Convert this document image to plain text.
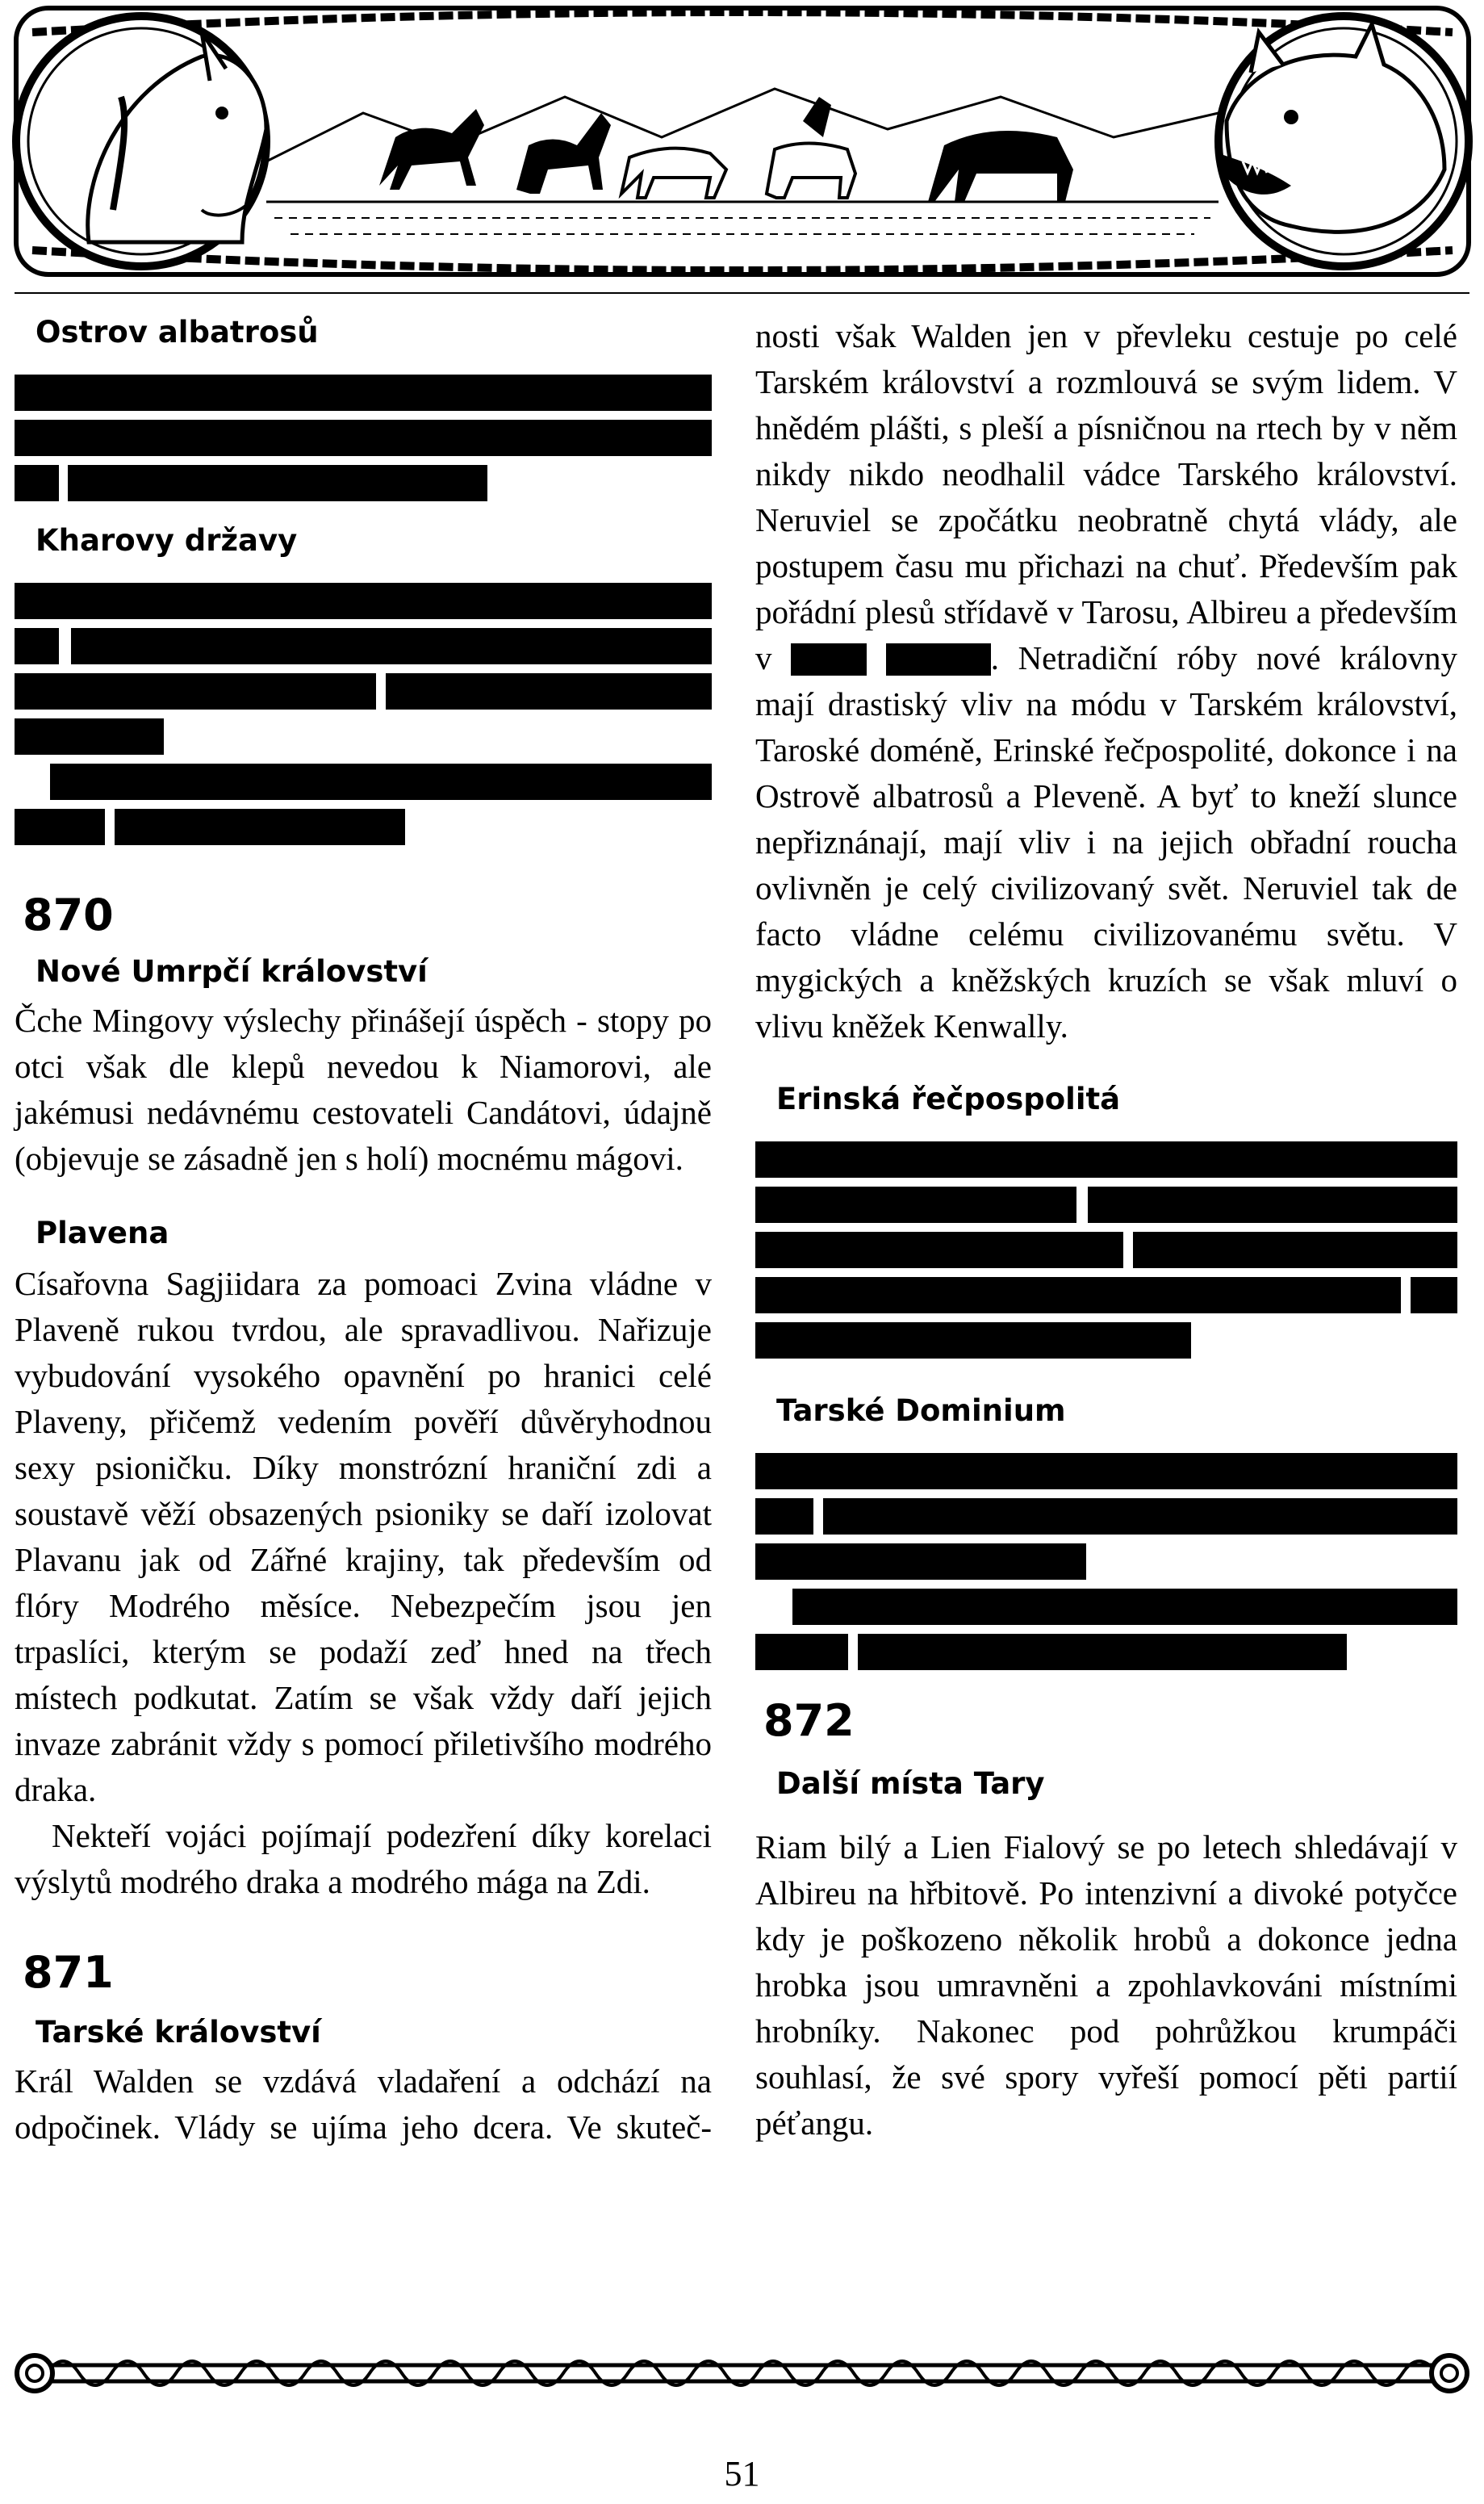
Ostrov albatrosů
Kharovy državy
870
Nové Umrpčí království

Čche Mingovy výslechy přinášejí úspěch - stopy po otci však dle klepů nevedou k Niamorovi, ale jakémusi nedávnému cestovateli Candátovi, údajně (objevuje se zásadně jen s holí) mocnému mágovi.

Plavena

Císařovna Sagjiidara za pomoaci Zvina vládne v Plaveně rukou tvrdou, ale spravadlivou. Nařizuje vybudování vysokého opavnění po hranici celé Plaveny, přičemž vedením pověří důvěryhodnou sexy psioničku. Díky monstrózní hraniční zdi a soustavě věží obsazených psioniky se daří izolovat Plavanu jak od Zářné krajiny, tak především od flóry Modrého měsíce. Nebezpečím jsou jen trpaslíci, kterým se podaží zeď hned na třech místech podkutat. Zatím se však vždy daří jejich invaze zabránit vždy s pomocí přiletivšího modrého draka.

Nekteří vojáci pojímají podezření díky korelaci výslytů modrého draka a modrého mága na Zdi.

871
Tarské království

Král Walden se vzdává vladaření a odchází na odpočinek. Vlády se ujíma jeho dcera. Ve skuteč-

nosti však Walden jen v převleku cestuje po celé Tarském království a rozmlouvá se svým lidem. V hnědém plášti, s pleší a písničnou na rtech by v něm nikdy nikdo neodhalil vádce Tarského království. Neruviel se zpočátku neobratně chytá vlády, ale postupem času mu přichazi na chuť. Především pak pořádní plesů střídavě v Tarosu, Albireu a především v	. Netradiční róby nové královny mají drastiský vliv na módu v Tarském království, Taroské doméně, Erinské řečpospolité, dokonce i na Ostrově albatrosů a Pleveně. A byť to kneží slunce nepřiznánají, mají vliv i na jejich obřadní roucha ovlivněn je celý civilizovaný svět. Neruviel tak de facto vládne celému civilizovanému světu. V mygických a kněžských kruzích se však mluví o vlivu kněžek Kenwally.

Erinská řečpospolitá
Tarské Dominium
872
Další místa Tary

Riam bilý a Lien Fialový se po letech shledávají v Albireu na hřbitově. Po intenzivní a divoké potyčce kdy je poškozeno několik hrobů a dokonce jedna hrobka jsou umravněni a zpohlavkováni místními hrobníky. Nakonec pod pohrůžkou krumpáči souhlasí, že své spory vyřeší pomocí pěti partií péťangu.

51
